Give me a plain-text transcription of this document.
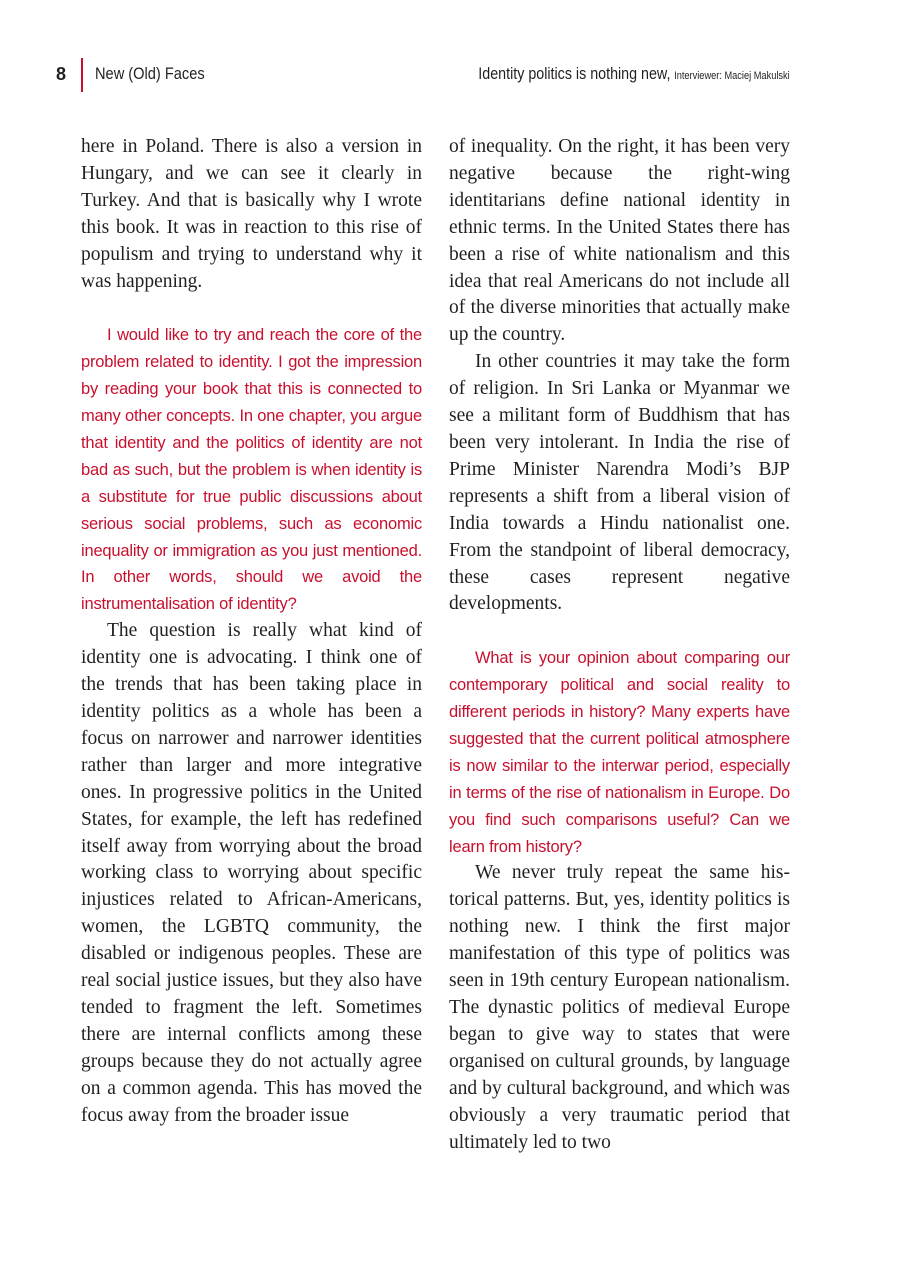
8 New (Old) Faces	Identity politics is nothing new, Interviewer: Maciej Makulski

here in Poland. There is also a version in Hungary, and we can see it clearly in Turkey. And that is basically why I wrote this book. It was in reaction to this rise of populism and trying to understand why it was happening.

I would like to try and reach the core of the problem related to identity. I got the impression by reading your book that this is connected to many other concepts. In one chapter, you argue that identity and the politics of identity are not bad as such, but the problem is when identity is a substitute for true public discussions about serious social problems, such as economic inequality or immigration as you just mentioned. In other words, should we avoid the instrumentalisation of identity?

The question is really what kind of identity one is advocating. I think one of the trends that has been taking place in identity politics as a whole has been a focus on narrower and narrower identities rather than larger and more integrative ones. In progressive politics in the United States, for example, the left has redefined itself away from worrying about the broad working class to worrying about specific injustices related to African-Americans, women, the LGBTQ community, the disabled or indigenous peoples. These are real social justice issues, but they also have tended to fragment the left. Sometimes there are internal conflicts among these groups because they do not actually agree on a common agenda. This has moved the focus away from the broader issue

of inequality. On the right, it has been very negative because the right-wing identitarians define national identity in ethnic terms. In the United States there has been a rise of white nationalism and this idea that real Americans do not include all of the diverse minorities that actually make up the country.

In other countries it may take the form of religion. In Sri Lanka or Myanmar we see a militant form of Buddhism that has been very intolerant. In India the rise of Prime Minister Narendra Modi’s BJP represents a shift from a liberal vision of India towards a Hindu nationalist one. From the standpoint of liberal democracy, these cases represent negative developments.

What is your opinion about comparing our contemporary political and social reality to different periods in history? Many experts have suggested that the current political atmosphere is now similar to the interwar period, especially in terms of the rise of nationalism in Europe. Do you find such comparisons useful? Can we learn from history?

We never truly repeat the same historical patterns. But, yes, identity politics is nothing new. I think the first major manifestation of this type of politics was seen in 19th century European nationalism. The dynastic politics of medieval Europe began to give way to states that were organised on cultural grounds, by language and by cultural background, and which was obviously a very traumatic period that ultimately led to two
